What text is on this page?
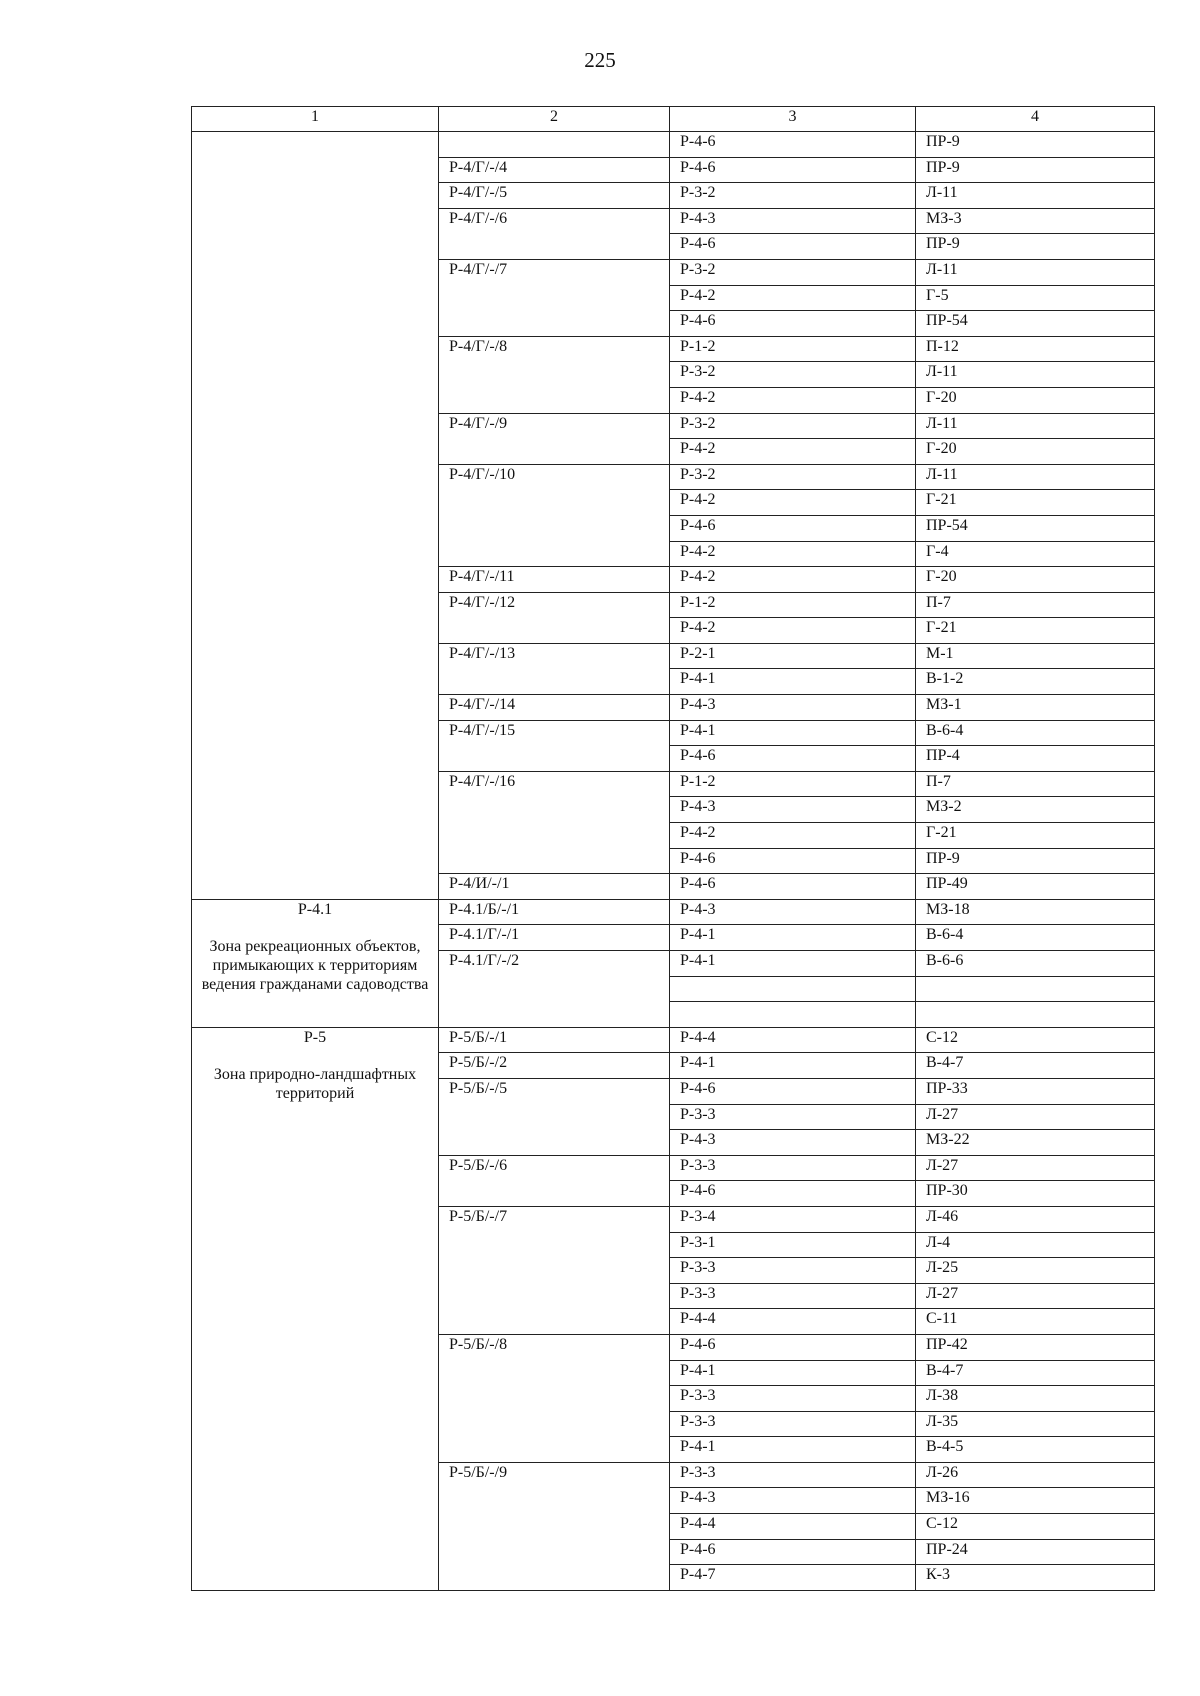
225
1	2	3	4

		Р-4-6	ПР-9
	Р-4/Г/-/4	Р-4-6	ПР-9
	Р-4/Г/-/5	Р-3-2	Л-11
	Р-4/Г/-/6	Р-4-3	МЗ-3
		Р-4-6	ПР-9
	Р-4/Г/-/7	Р-3-2	Л-11
		Р-4-2	Г-5
		Р-4-6	ПР-54
	Р-4/Г/-/8	Р-1-2	П-12
		Р-3-2	Л-11
		Р-4-2	Г-20
	Р-4/Г/-/9	Р-3-2	Л-11
		Р-4-2	Г-20
	Р-4/Г/-/10	Р-3-2	Л-11
		Р-4-2	Г-21
		Р-4-6	ПР-54
		Р-4-2	Г-4
	Р-4/Г/-/11	Р-4-2	Г-20
	Р-4/Г/-/12	Р-1-2	П-7
		Р-4-2	Г-21
	Р-4/Г/-/13	Р-2-1	М-1
		Р-4-1	В-1-2
	Р-4/Г/-/14	Р-4-3	МЗ-1
	Р-4/Г/-/15	Р-4-1	В-6-4
		Р-4-6	ПР-4
	Р-4/Г/-/16	Р-1-2	П-7
		Р-4-3	МЗ-2
		Р-4-2	Г-21
		Р-4-6	ПР-9
	Р-4/И/-/1	Р-4-6	ПР-49

Р-4.1
Зона рекреационных объектов, примыкающих к территориям ведения гражданами садоводства	Р-4.1/Б/-/1	Р-4-3	МЗ-18
	Р-4.1/Г/-/1	Р-4-1	В-6-4
	Р-4.1/Г/-/2	Р-4-1	В-6-6

Р-5
Зона природно-ландшафтных территорий	Р-5/Б/-/1	Р-4-4	С-12
	Р-5/Б/-/2	Р-4-1	В-4-7
	Р-5/Б/-/5	Р-4-6	ПР-33
		Р-3-3	Л-27
		Р-4-3	МЗ-22
	Р-5/Б/-/6	Р-3-3	Л-27
		Р-4-6	ПР-30
	Р-5/Б/-/7	Р-3-4	Л-46
		Р-3-1	Л-4
		Р-3-3	Л-25
		Р-3-3	Л-27
		Р-4-4	С-11
	Р-5/Б/-/8	Р-4-6	ПР-42
		Р-4-1	В-4-7
		Р-3-3	Л-38
		Р-3-3	Л-35
		Р-4-1	В-4-5
	Р-5/Б/-/9	Р-3-3	Л-26
		Р-4-3	МЗ-16
		Р-4-4	С-12
		Р-4-6	ПР-24
		Р-4-7	К-3
